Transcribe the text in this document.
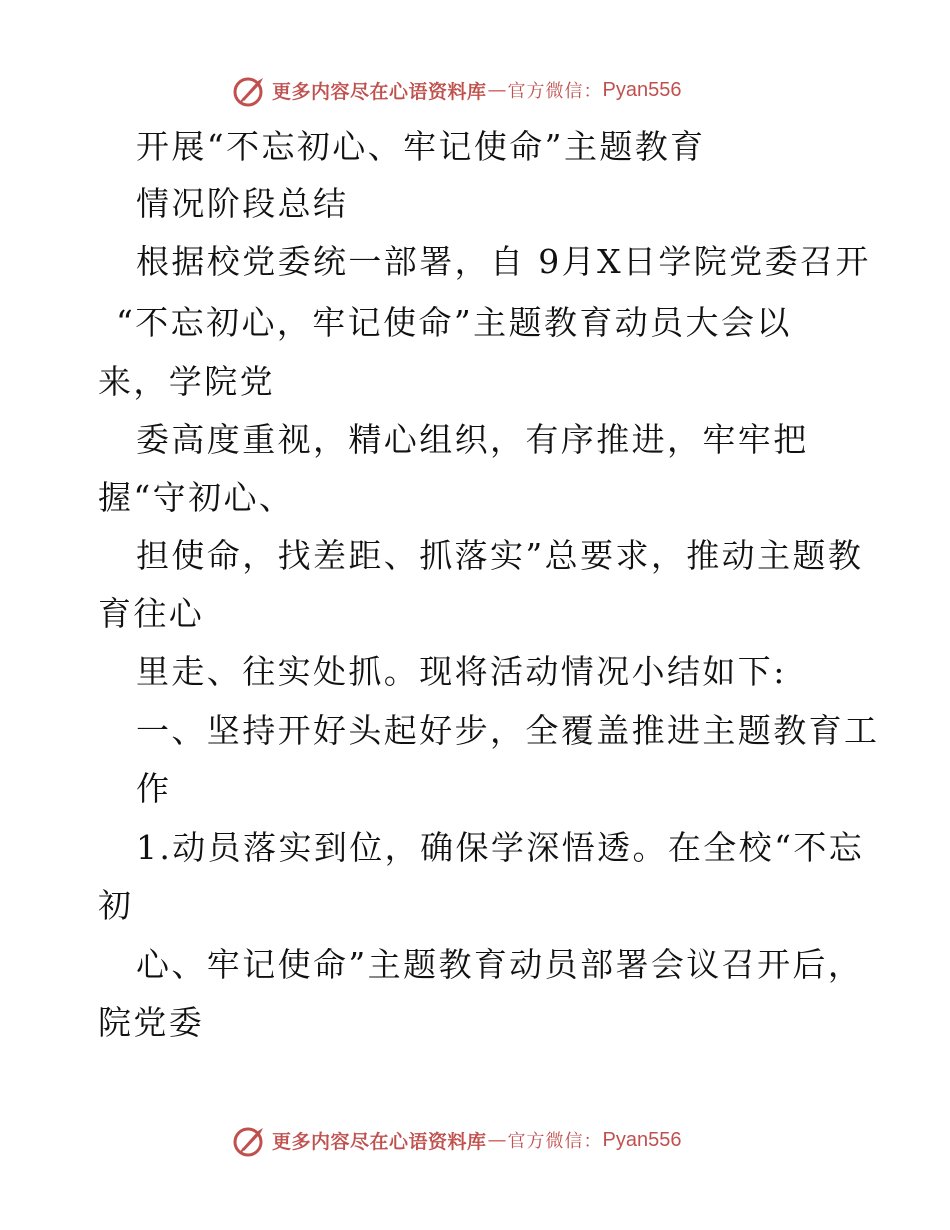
更多内容尽在心语资料库 — 官方微信： Pyan556
开展“不忘初心、牢记使命”主题教育
情况阶段总结
根据校党委统一部署，自 9月X日学院党委召开
“不忘初心，牢记使命”主题教育动员大会以
来，学院党
委高度重视，精心组织，有序推进，牢牢把
握“守初心、
担使命，找差距、抓落实”总要求，推动主题教
育往心
里走、往实处抓。现将活动情况小结如下:
一、坚持开好头起好步，全覆盖推进主题教育工
作
1.动员落实到位，确保学深悟透。在全校“不忘
初
心、牢记使命”主题教育动员部署会议召开后，
院党委
更多内容尽在心语资料库 — 官方微信： Pyan556
